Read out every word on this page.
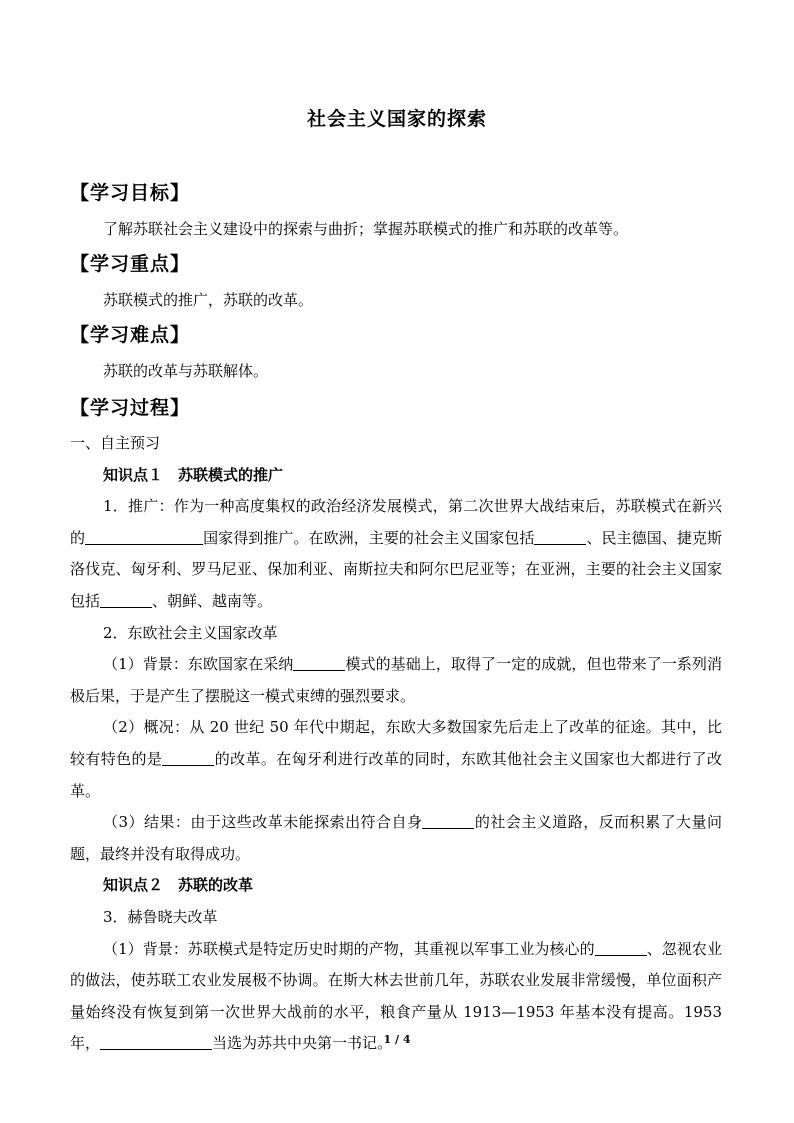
社会主义国家的探索
【学习目标】
了解苏联社会主义建设中的探索与曲折；掌握苏联模式的推广和苏联的改革等。
【学习重点】
苏联模式的推广，苏联的改革。
【学习难点】
苏联的改革与苏联解体。
【学习过程】

一、自主预习

知识点１　苏联模式的推广

1．推广：作为一种高度集权的政治经济发展模式，第二次世界大战结束后，苏联模式在新兴的	国家得到推广。在欧洲，主要的社会主义国家包括	、民主德国、捷克斯洛伐克、匈牙利、罗马尼亚、保加利亚、南斯拉夫和阿尔巴尼亚等；在亚洲，主要的社会主义国家包括	、朝鲜、越南等。

2．东欧社会主义国家改革

（1）背景：东欧国家在采纳	模式的基础上，取得了一定的成就，但也带来了一系列消极后果，于是产生了摆脱这一模式束缚的强烈要求。

（2）概况：从 20 世纪 50 年代中期起，东欧大多数国家先后走上了改革的征途。其中，比较有特色的是	的改革。在匈牙利进行改革的同时，东欧其他社会主义国家也大都进行了改革。

（3）结果：由于这些改革未能探索出符合自身	的社会主义道路，反而积累了大量问题，最终并没有取得成功。

知识点２　苏联的改革

3．赫鲁晓夫改革

（1）背景：苏联模式是特定历史时期的产物，其重视以军事工业为核心的	、忽视农业的做法，使苏联工农业发展极不协调。在斯大林去世前几年，苏联农业发展非常缓慢，单位面积产量始终没有恢复到第一次世界大战前的水平，粮食产量从 1913—1953 年基本没有提高。1953 年，	当选为苏共中央第一书记。

1 / 4
